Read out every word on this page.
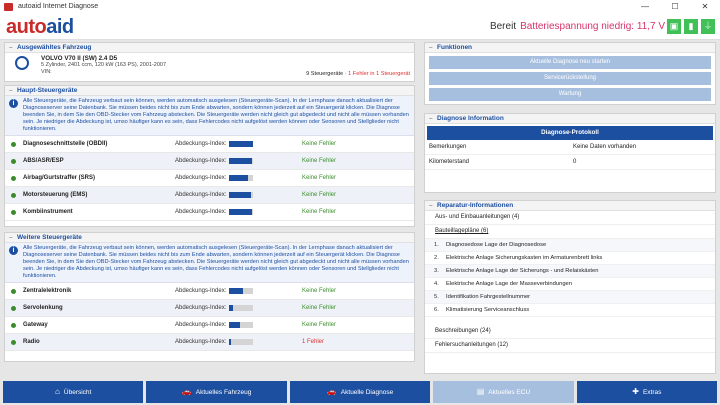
autoaid Internet Diagnose	—	☐	✕
autoaid	Bereit Batteriespannung niedrig: 11,7 V ▣	▮	⏚
– Ausgewähltes Fahrzeug
VOLVO V70 II (SW) 2.4 D5
5 Zylinder, 2401 ccm, 120 kW (163 PS), 2001-2007
VIN:	9 Steuergeräte · 1 Fehler in 1 Steuergerät
– Haupt-Steuergeräte
i	Alle Steuergeräte, die Fahrzeug verbaut sein können, werden automatisch ausgelesen (Steuergeräte-Scan). In der Lernphase danach aktualisiert der Diagnoseserver seine Datenbank. Sie müssen beides nicht bis zum Ende abwarten, sondern können jederzeit auf ein Steuergerät klicken. Die Diagnose beenden Sie, in dem Sie den OBD-Stecker vom Fahrzeug abstecken. Die Steuergeräte werden nicht gleich gut abgedeckt und nicht alle müssen vorhanden sein. Je niedriger die Abdeckung ist, umso häufiger kann es sein, dass Fehlercodes nicht aufgelöst werden können oder Sensoren und Stellglieder nicht funktionieren.
Diagnoseschnittstelle (OBDII)	Abdeckungs-Index:	Keine Fehler
ABS/ASR/ESP	Abdeckungs-Index:	Keine Fehler
Airbag/Gurtstraffer (SRS)	Abdeckungs-Index:	Keine Fehler
Motorsteuerung (EMS)	Abdeckungs-Index:	Keine Fehler
Kombiinstrument	Abdeckungs-Index:	Keine Fehler
– Weitere Steuergeräte
i	Alle Steuergeräte, die Fahrzeug verbaut sein können, werden automatisch ausgelesen (Steuergeräte-Scan). In der Lernphase danach aktualisiert der Diagnoseserver seine Datenbank. Sie müssen beides nicht bis zum Ende abwarten, sondern können jederzeit auf ein Steuergerät klicken. Die Diagnose beenden Sie, in dem Sie den OBD-Stecker vom Fahrzeug abstecken. Die Steuergeräte werden nicht gleich gut abgedeckt und nicht alle müssen vorhanden sein. Je niedriger die Abdeckung ist, umso häufiger kann es sein, dass Fehlercodes nicht aufgelöst werden können oder Sensoren und Stellglieder nicht funktionieren.
Zentralelektronik	Abdeckungs-Index:	Keine Fehler
Servolenkung	Abdeckungs-Index:	Keine Fehler
Gateway	Abdeckungs-Index:	Keine Fehler
Radio	Abdeckungs-Index:	1 Fehler
– Funktionen
Aktuelle Diagnose neu starten
Servicerückstellung
Wartung
– Diagnose Information
Diagnose-Protokoll
Bemerkungen	Keine Daten vorhanden
Kilometerstand	0
– Reparatur-Informationen
Aus- und Einbauanleitungen (4)
Bauteillagepläne (6)
1. Diagnosedose Lage der Diagnosedose
2. Elektrische Anlage Sicherungskasten im Armaturenbrett links
3. Elektrische Anlage Lage der Sicherungs - und Relaiskästen
4. Elektrische Anlage Lage der Masseverbindungen
5. Identifikation Fahrgestellnummer
6. Klimatisierung Serviceanschluss
Beschreibungen (24)
Fehlersuchanleitungen (12)
⌂ Übersicht	🚗 Aktuelles Fahrzeug	🚗 Aktuelle Diagnose	▤ Aktuelles ECU	✚ Extras
